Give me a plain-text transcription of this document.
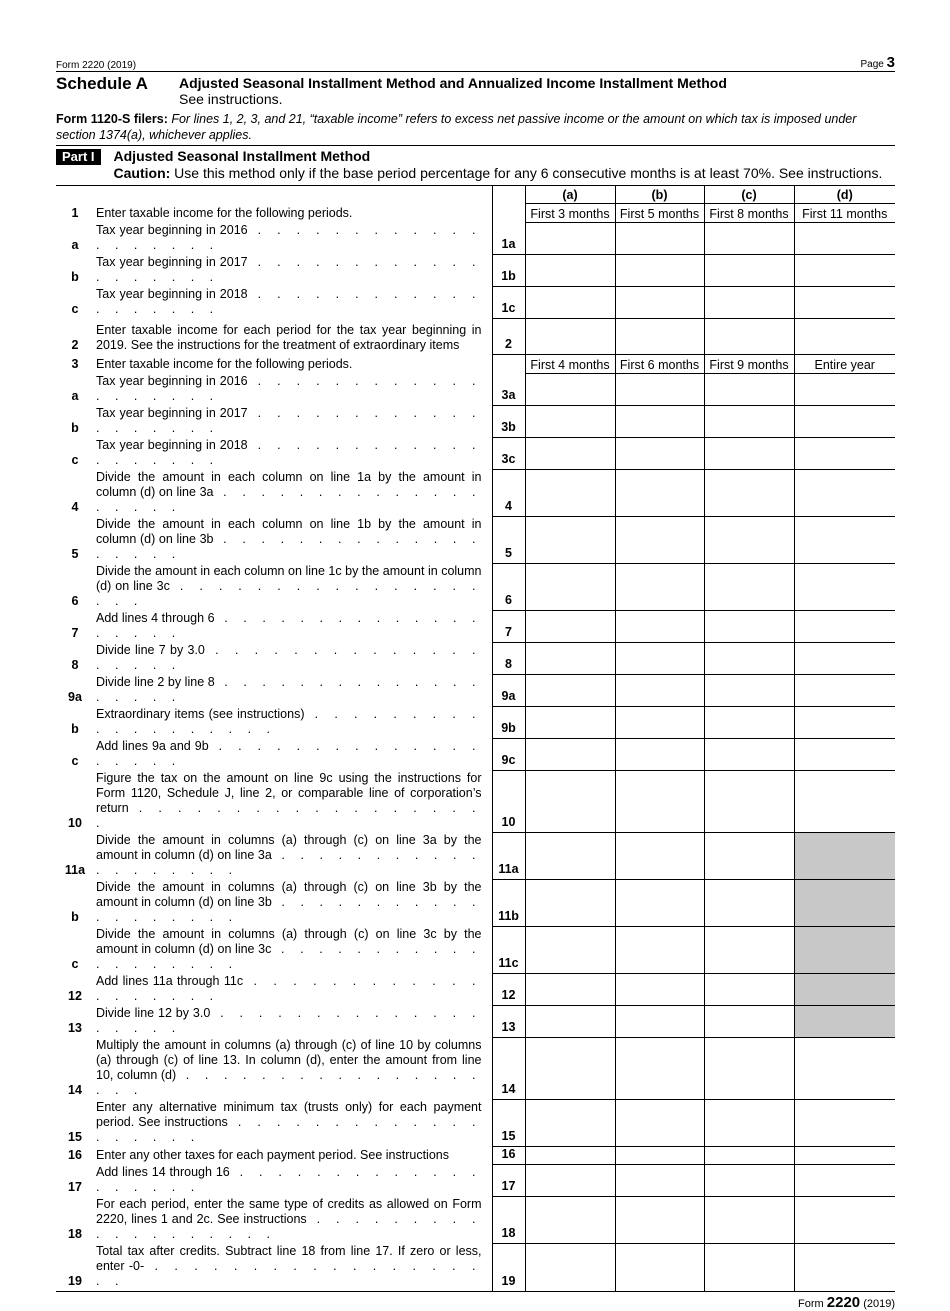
Form 2220 (2019)	Page 3
Schedule A	Adjusted Seasonal Installment Method and Annualized Income Installment Method
See instructions.
Form 1120-S filers: For lines 1, 2, 3, and 21, “taxable income” refers to excess net passive income or the amount on which tax is imposed under section 1374(a), whichever applies.
Part I	Adjusted Seasonal Installment Method
Caution: Use this method only if the base period percentage for any 6 consecutive months is at least 70%. See instructions.
			(a)	(b)	(c)	(d)
1	Enter taxable income for the following periods.		First 3 months	First 5 months	First 8 months	First 11 months
a	Tax year beginning in 2016 . . . . . . . . . . . . . . . . . . .	1a				
b	Tax year beginning in 2017 . . . . . . . . . . . . . . . . . . .	1b				
c	Tax year beginning in 2018 . . . . . . . . . . . . . . . . . . .	1c				
2	Enter taxable income for each period for the tax year beginning in 2019. See the instructions for the treatment of extraordinary items	2				
3	Enter taxable income for the following periods.		First 4 months	First 6 months	First 9 months	Entire year
a	Tax year beginning in 2016 . . . . . . . . . . . . . . . . . . .	3a				
b	Tax year beginning in 2017 . . . . . . . . . . . . . . . . . . .	3b				
c	Tax year beginning in 2018 . . . . . . . . . . . . . . . . . . .	3c				
4	Divide the amount in each column on line 1a by the amount in column (d) on line 3a . . . . . . . . . . . . . . . . . . .	4				
5	Divide the amount in each column on line 1b by the amount in column (d) on line 3b . . . . . . . . . . . . . . . . . . .	5				
6	Divide the amount in each column on line 1c by the amount in column (d) on line 3c . . . . . . . . . . . . . . . . . . .	6				
7	Add lines 4 through 6 . . . . . . . . . . . . . . . . . . .	7				
8	Divide line 7 by 3.0 . . . . . . . . . . . . . . . . . . .	8				
9a	Divide line 2 by line 8 . . . . . . . . . . . . . . . . . . .	9a				
b	Extraordinary items (see instructions) . . . . . . . . . . . . . . . . . . .	9b				
c	Add lines 9a and 9b . . . . . . . . . . . . . . . . . . .	9c				
10	Figure the tax on the amount on line 9c using the instructions for Form 1120, Schedule J, line 2, or comparable line of corporation’s return . . . . . . . . . . . . . . . . . . .	10				
11a	Divide the amount in columns (a) through (c) on line 3a by the amount in column (d) on line 3a . . . . . . . . . . . . . . . . . . .	11a				
b	Divide the amount in columns (a) through (c) on line 3b by the amount in column (d) on line 3b . . . . . . . . . . . . . . . . . . .	11b				
c	Divide the amount in columns (a) through (c) on line 3c by the amount in column (d) on line 3c . . . . . . . . . . . . . . . . . . .	11c				
12	Add lines 11a through 11c . . . . . . . . . . . . . . . . . . .	12				
13	Divide line 12 by 3.0 . . . . . . . . . . . . . . . . . . .	13				
14	Multiply the amount in columns (a) through (c) of line 10 by columns (a) through (c) of line 13. In column (d), enter the amount from line 10, column (d) . . . . . . . . . . . . . . . . . . .	14				
15	Enter any alternative minimum tax (trusts only) for each payment period. See instructions . . . . . . . . . . . . . . . . . . .	15				
16	Enter any other taxes for each payment period. See instructions	16				
17	Add lines 14 through 16 . . . . . . . . . . . . . . . . . . .	17				
18	For each period, enter the same type of credits as allowed on Form 2220, lines 1 and 2c. See instructions . . . . . . . . . . . . . . . . . . .	18				
19	Total tax after credits. Subtract line 18 from line 17. If zero or less, enter -0- . . . . . . . . . . . . . . . . . . .	19				
Form 2220 (2019)
